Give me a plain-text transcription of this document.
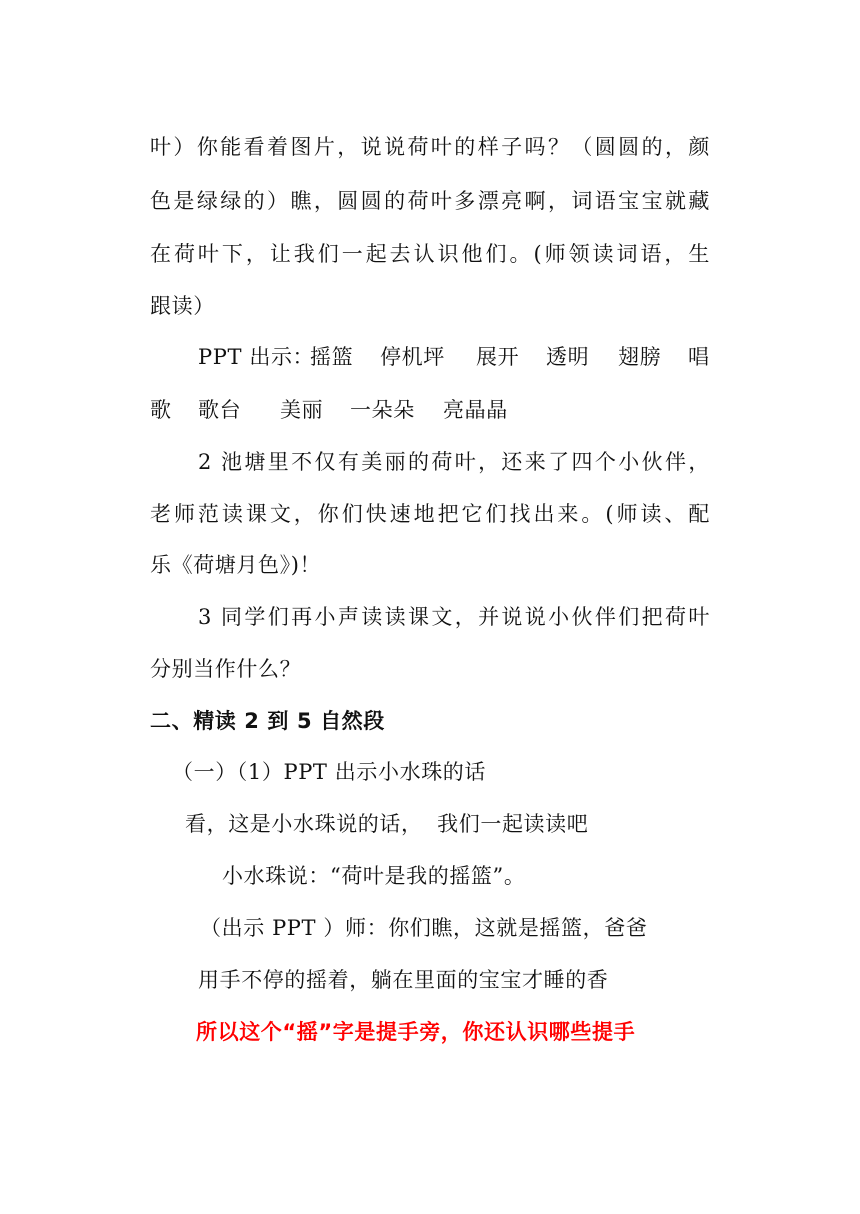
叶）你能看着图片，说说荷叶的样子吗？（圆圆的，颜
色是绿绿的）瞧，圆圆的荷叶多漂亮啊，词语宝宝就藏
在荷叶下，让我们一起去认识他们。(师领读词语，生
跟读）
PPT 出示：
摇篮 停机坪 展开 透明 翅膀 唱
歌 歌台 美丽 一朵朵 亮晶晶
2 池塘里不仅有美丽的荷叶，还来了四个小伙伴，
老师范读课文，你们快速地把它们找出来。(师读、配
乐《荷塘月色》)！
3 同学们再小声读读课文，并说说小伙伴们把荷叶
分别当作什么？
二、精读 2 到 5 自然段
（一）（1）PPT 出示小水珠的话
看，这是小水珠说的话，  我们一起读读吧
小水珠说：“荷叶是我的摇篮”。
（出示 PPT ）师：你们瞧，这就是摇篮，爸爸
用手不停的摇着，躺在里面的宝宝才睡的香
所以这个“摇”字是提手旁，你还认识哪些提手
